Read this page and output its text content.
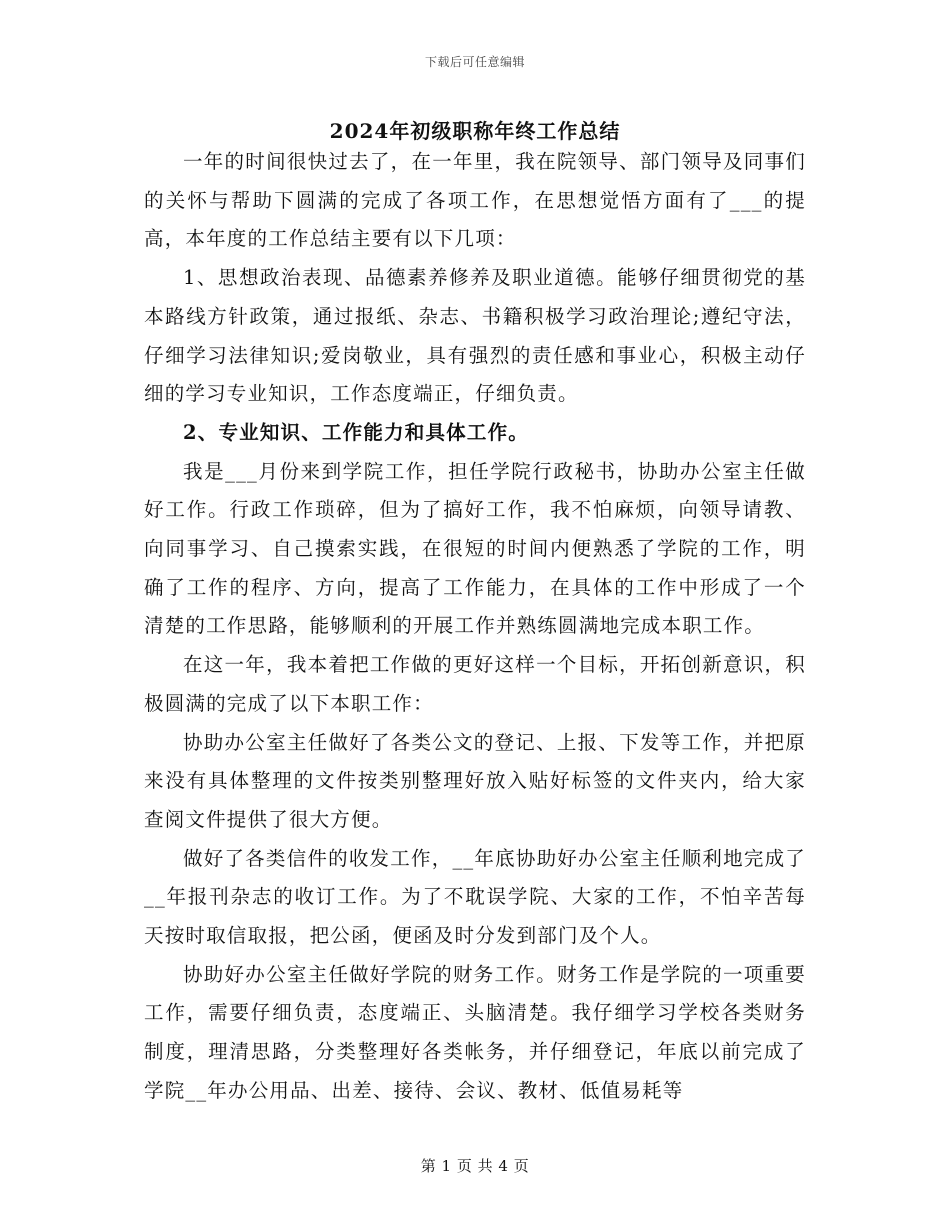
下载后可任意编辑
2024年初级职称年终工作总结

一年的时间很快过去了，在一年里，我在院领导、部门领导及同事们的关怀与帮助下圆满的完成了各项工作，在思想觉悟方面有了___的提高，本年度的工作总结主要有以下几项：

1、思想政治表现、品德素养修养及职业道德。能够仔细贯彻党的基本路线方针政策，通过报纸、杂志、书籍积极学习政治理论;遵纪守法，仔细学习法律知识;爱岗敬业，具有强烈的责任感和事业心，积极主动仔细的学习专业知识，工作态度端正，仔细负责。

2、专业知识、工作能力和具体工作。

我是___月份来到学院工作，担任学院行政秘书，协助办公室主任做好工作。行政工作琐碎，但为了搞好工作，我不怕麻烦，向领导请教、向同事学习、自己摸索实践，在很短的时间内便熟悉了学院的工作，明确了工作的程序、方向，提高了工作能力，在具体的工作中形成了一个清楚的工作思路，能够顺利的开展工作并熟练圆满地完成本职工作。

在这一年，我本着把工作做的更好这样一个目标，开拓创新意识，积极圆满的完成了以下本职工作：

协助办公室主任做好了各类公文的登记、上报、下发等工作，并把原来没有具体整理的文件按类别整理好放入贴好标签的文件夹内，给大家查阅文件提供了很大方便。

做好了各类信件的收发工作，__年底协助好办公室主任顺利地完成了__年报刊杂志的收订工作。为了不耽误学院、大家的工作，不怕辛苦每天按时取信取报，把公函，便函及时分发到部门及个人。

协助好办公室主任做好学院的财务工作。财务工作是学院的一项重要工作，需要仔细负责，态度端正、头脑清楚。我仔细学习学校各类财务制度，理清思路，分类整理好各类帐务，并仔细登记，年底以前完成了学院__年办公用品、出差、接待、会议、教材、低值易耗等

第 1 页 共 4 页
